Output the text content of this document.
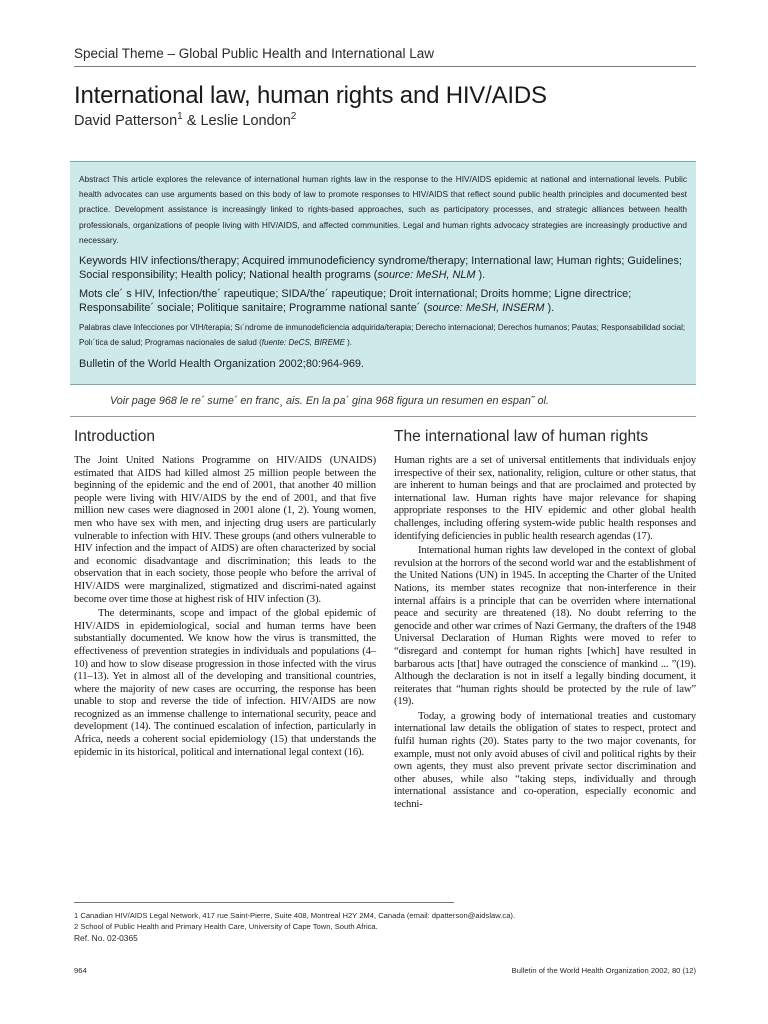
Special Theme – Global Public Health and International Law
International law, human rights and HIV/AIDS
David Patterson$^1$ & Leslie London$^2$

Abstract This article explores the relevance of international human rights law in the response to the HIV/AIDS epidemic at national and international levels. Public health advocates can use arguments based on this body of law to promote responses to HIV/AIDS that reflect sound public health principles and documented best practice. Development assistance is increasingly linked to rights-based approaches, such as participatory processes, and strategic alliances between health professionals, organizations of people living with HIV/AIDS, and affected communities. Legal and human rights advocacy strategies are increasingly productive and necessary.

Keywords HIV infections/therapy; Acquired immunodeficiency syndrome/therapy; International law; Human rights; Guidelines; Social responsibility; Health policy; National health programs (source: MeSH, NLM ).

Mots cle´ s HIV, Infection/the´ rapeutique; SIDA/the´ rapeutique; Droit international; Droits homme; Ligne directrice; Responsabilite´ sociale; Politique sanitaire; Programme national sante´ (source: MeSH, INSERM ).

Palabras clave Infecciones por VIH/terapia; Sı´ndrome de inmunodeficiencia adquirida/terapia; Derecho internacional; Derechos humanos; Pautas; Responsabilidad social; Polı´tica de salud; Programas nacionales de salud (fuente: DeCS, BIREME ).

Bulletin of the World Health Organization 2002;80:964-969.

Voir page 968 le re´ sume´ en franc¸ ais. En la pa´ gina 968 figura un resumen en espan˜ ol.
Introduction

The Joint United Nations Programme on HIV/AIDS (UNAIDS) estimated that AIDS had killed almost 25 million people between the beginning of the epidemic and the end of 2001, that another 40 million people were living with HIV/AIDS by the end of 2001, and that five million new cases were diagnosed in 2001 alone (1, 2). Young women, men who have sex with men, and injecting drug users are particularly vulnerable to infection with HIV. These groups (and others vulnerable to HIV infection and the impact of AIDS) are often characterized by social and economic disadvantage and discrimination; this leads to the observation that in each society, those people who before the arrival of HIV/AIDS were marginalized, stigmatized and discrimi-nated against become over time those at highest risk of HIV infection (3).

The determinants, scope and impact of the global epidemic of HIV/AIDS in epidemiological, social and human terms have been substantially documented. We know how the virus is transmitted, the effectiveness of prevention strategies in individuals and populations (4–10) and how to slow disease progression in those infected with the virus (11–13). Yet in almost all of the developing and transitional countries, where the majority of new cases are occurring, the response has been unable to stop and reverse the tide of infection. HIV/AIDS are now recognized as an immense challenge to international security, peace and development (14). The continued escalation of infection, particularly in Africa, needs a coherent social epidemiology (15) that understands the epidemic in its historical, political and international legal context (16).

The international law of human rights

Human rights are a set of universal entitlements that individuals enjoy irrespective of their sex, nationality, religion, culture or other status, that are inherent to human beings and that are proclaimed and protected by international law. Human rights have major relevance for shaping appropriate responses to the HIV epidemic and other global health challenges, including offering system-wide public health responses and identifying deficiencies in public health research agendas (17).

International human rights law developed in the context of global revulsion at the horrors of the second world war and the establishment of the United Nations (UN) in 1945. In accepting the Charter of the United Nations, its member states recognize that non-interference in their internal affairs is a principle that can be overriden where international peace and security are threatened (18). No doubt referring to the genocide and other war crimes of Nazi Germany, the drafters of the 1948 Universal Declaration of Human Rights were moved to refer to “disregard and contempt for human rights [which] have resulted in barbarous acts [that] have outraged the conscience of mankind ... ”(19). Although the declaration is not in itself a legally binding document, it reiterates that “human rights should be protected by the rule of law” (19).

Today, a growing body of international treaties and customary international law details the obligation of states to respect, protect and fulfil human rights (20). States party to the two major covenants, for example, must not only avoid abuses of civil and political rights by their own agents, they must also prevent private sector discrimination and other abuses, while also “taking steps, individually and through international assistance and co-operation, especially economic and techni-

1 Canadian HIV/AIDS Legal Network, 417 rue Saint-Pierre, Suite 408, Montreal H2Y 2M4, Canada (email: dpatterson@aidslaw.ca).
2 School of Public Health and Primary Health Care, University of Cape Town, South Africa.
Ref. No. 02-0365
964	Bulletin of the World Health Organization 2002, 80 (12)
